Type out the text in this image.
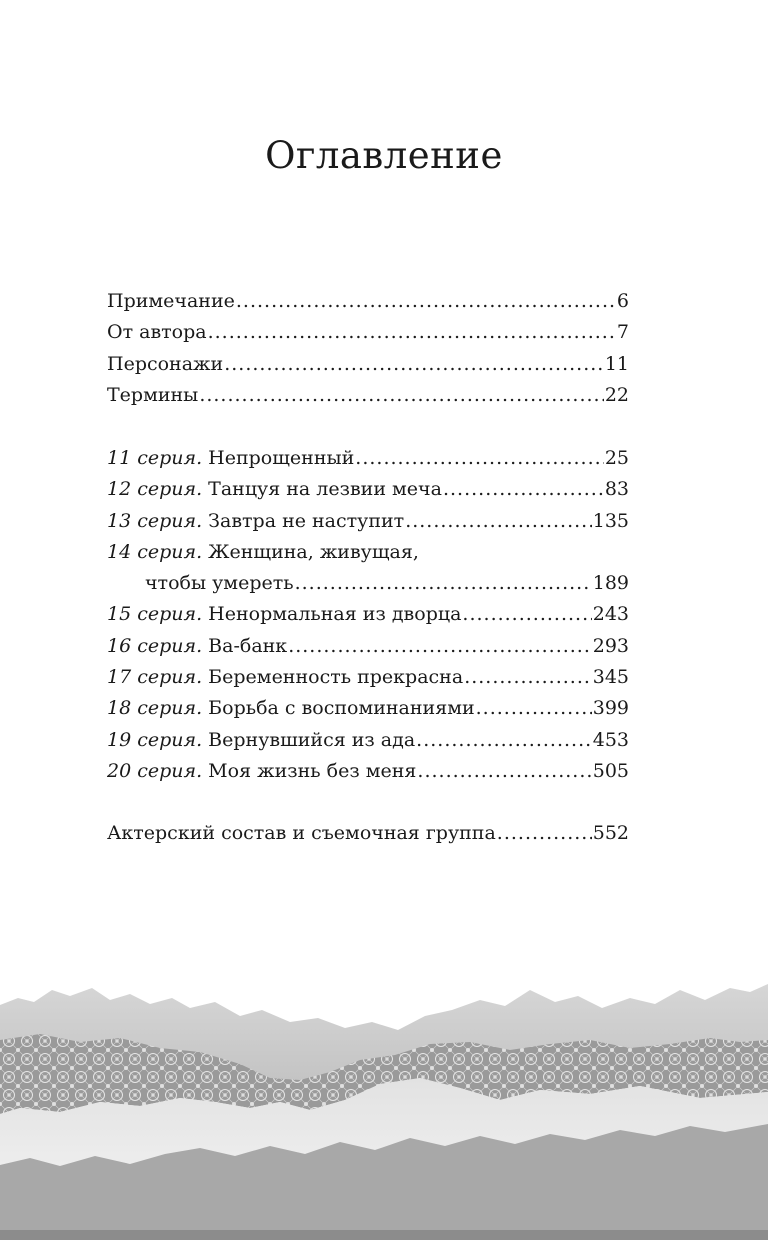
Оглавление
Примечание .....	6
От автора .....	7
Персонажи .....	11
Термины .....	22
11 серия. Непрощенный .....	25
12 серия. Танцуя на лезвии меча .....	83
13 серия. Завтра не наступит .....	135
14 серия. Женщина, живущая,
чтобы умереть .....	189
15 серия. Ненормальная из дворца .....	243
16 серия. Ва-банк .....	293
17 серия. Беременность прекрасна .....	345
18 серия. Борьба с воспоминаниями .....	399
19 серия. Вернувшийся из ада .....	453
20 серия. Моя жизнь без меня .....	505
Актерский состав и съемочная группа .....	552
